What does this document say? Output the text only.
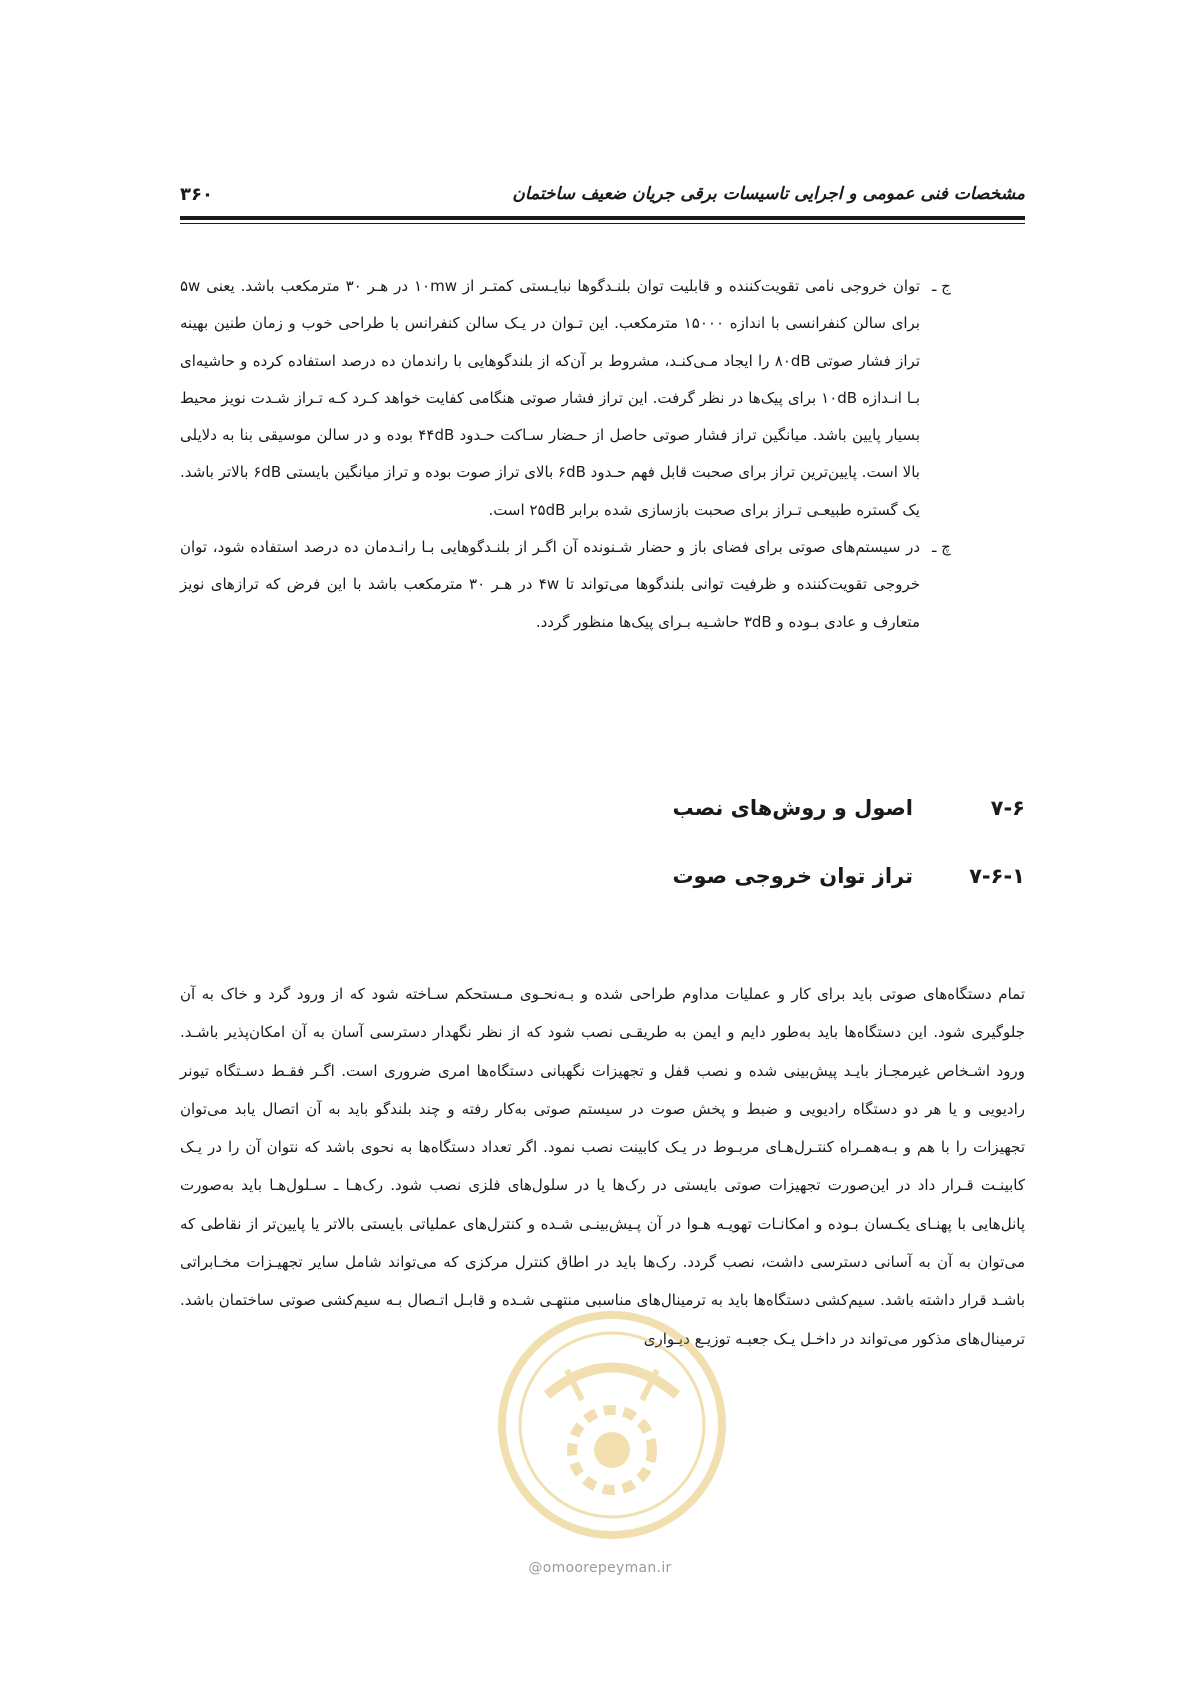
مشخصات فنی عمومی و اجرایی تاسیسات برقی جریان ضعیف ساختمان
۳۶۰
ج ـ

توان خروجی نامی تقویت‌کننده و قابلیت توان بلنـدگوها نبایـستی کمتـر از ۱۰mw در هـر ۳۰ مترمکعب باشد. یعنی ۵w برای سالن کنفرانسی با اندازه ۱۵۰۰۰ مترمکعب. این تـوان در یـک سالن کنفرانس با طراحی خوب و زمان طنین بهینه تراز فشار صوتی ۸۰dB را ایجاد مـی‌کنـد، مشروط بر آن‌که از بلندگوهایی با راندمان ده درصد استفاده کرده و حاشیه‌ای بـا انـدازه ۱۰dB برای پیک‌ها در نظر گرفت. این تراز فشار صوتی هنگامی کفایت خواهد کـرد کـه تـراز شـدت نویز محیط بسیار پایین باشد. میانگین تراز فشار صوتی حاصل از حـضار سـاکت حـدود ۴۴dB بوده و در سالن موسیقی بنا به دلایلی بالا است. پایین‌ترین تراز برای صحبت قابل فهم حـدود ۶dB بالای تراز صوت بوده و تراز میانگین بایستی ۶dB بالاتر باشد. یک گستره طبیعـی تـراز برای صحبت بازسازی شده برابر ۲۵dB است.

چ ـ

در سیستم‌های صوتی برای فضای باز و حضار شـنونده آن اگـر از بلنـدگوهایی بـا رانـدمان ده درصد استفاده شود، توان خروجی تقویت‌کننده و ظرفیت توانی بلندگوها می‌تواند تا ۴w در هـر ۳۰ مترمکعب باشد با این فرض که ترازهای نویز متعارف و عادی بـوده و ۳dB حاشـیه بـرای پیک‌ها منظور گردد.

۷-۶
اصول و روش‌های نصب
۷-۶-۱
تراز توان خروجی صوت

تمام دستگاه‌های صوتی باید برای کار و عملیات مداوم طراحی شده و بـه‌نحـوی مـستحکم سـاخته شود که از ورود گرد و خاک به آن جلوگیری شود. این دستگاه‌ها باید به‌طور دایم و ایمن به طریقـی نصب شود که از نظر نگهدار دسترسی آسان به آن امکان‌پذیر باشـد. ورود اشـخاص غیرمجـاز بایـد پیش‌بینی شده و نصب قفل و تجهیزات نگهبانی دستگاه‌ها امری ضروری است. اگـر فقـط دسـتگاه تیونر رادیویی و یا هر دو دستگاه رادیویی و ضبط و پخش صوت در سیستم صوتی به‌کار رفته و چند بلندگو باید به آن اتصال یابد می‌توان تجهیزات را با هم و بـه‌همـراه کنتـرل‌هـای مربـوط در یـک کابینت نصب نمود. اگر تعداد دستگاه‌ها به نحوی باشد که نتوان آن را در یـک کابینـت قـرار داد در این‌صورت تجهیزات صوتی بایستی در رک‌ها یا در سلول‌های فلزی نصب شود. رک‌هـا ـ سـلول‌هـا باید به‌صورت پانل‌هایی با پهنـای یکـسان بـوده و امکانـات تهویـه هـوا در آن پـیش‌بینـی شـده و کنترل‌های عملیاتی بایستی بالاتر یا پایین‌تر از نقاطی که می‌توان به آن به آسانی دسترسی داشت، نصب گردد. رک‌ها باید در اطاق کنترل مرکزی که می‌تواند شامل سایر تجهیـزات مخـابراتی باشـد قرار داشته باشد. سیم‌کشی دستگاه‌ها باید به ترمینال‌های مناسبی منتهـی شـده و قابـل اتـصال بـه سیم‌کشی صوتی ساختمان باشد. ترمینال‌های مذکور می‌تواند در داخـل یـک جعبـه توزیـع دیـواری

@omoorepeyman.ir
